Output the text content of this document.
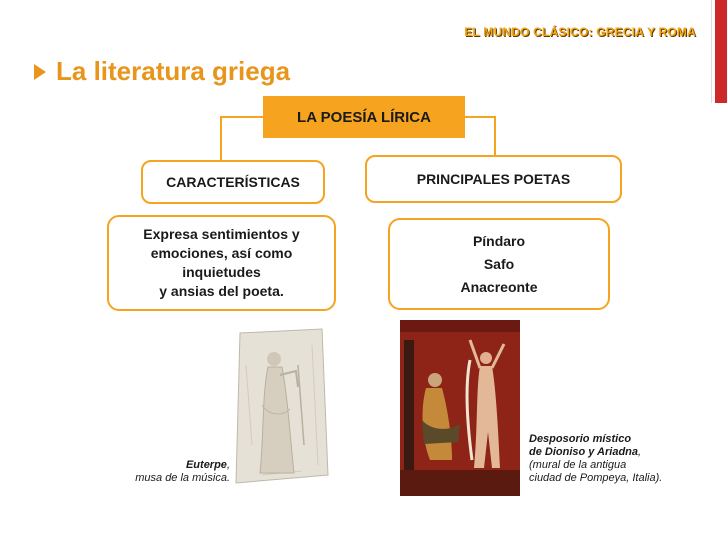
EL MUNDO CLÁSICO: GRECIA Y ROMA
La literatura griega
LA POESÍA LÍRICA
CARACTERÍSTICAS	PRINCIPALES POETAS
Expresa sentimientos y
emociones, así como
inquietudes
y ansias del poeta.
Píndaro
Safo
Anacreonte
Euterpe,
musa de la música.
Desposorio místico
de Dioniso y Ariadna,
(mural de la antigua
ciudad de Pompeya, Italia).
